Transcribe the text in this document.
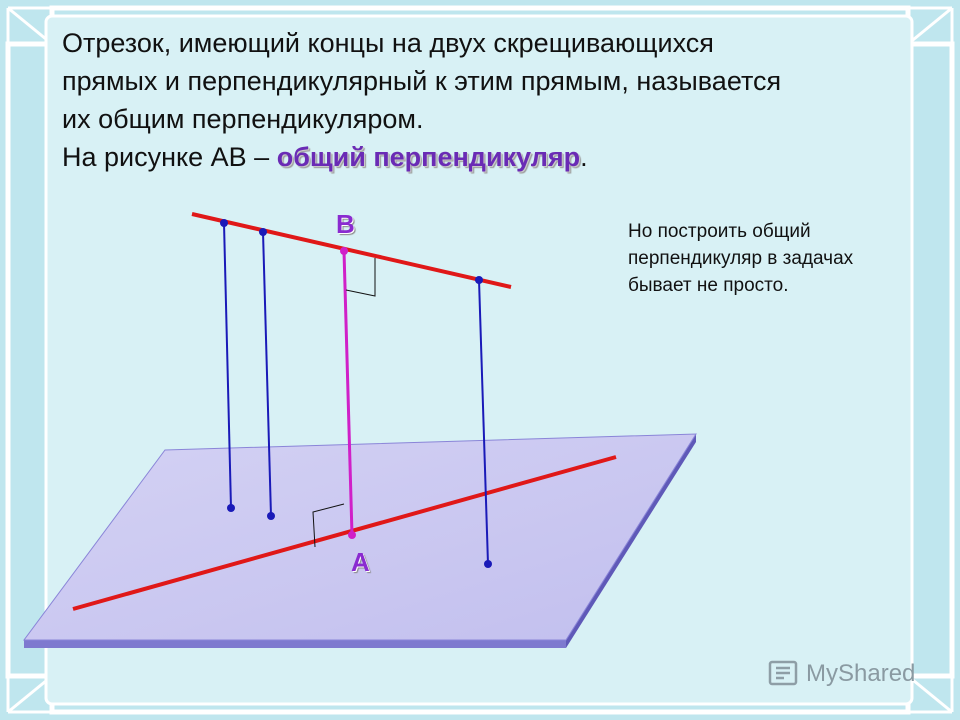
Отрезок, имеющий концы на двух скрещивающихся

прямых и перпендикулярный к этим прямым, называется

их общим перпендикуляром.

На рисунке АВ – общий перпендикуляр.

Но построить общий
перпендикуляр в задачах
бывает не просто.
В
А
MyShared
